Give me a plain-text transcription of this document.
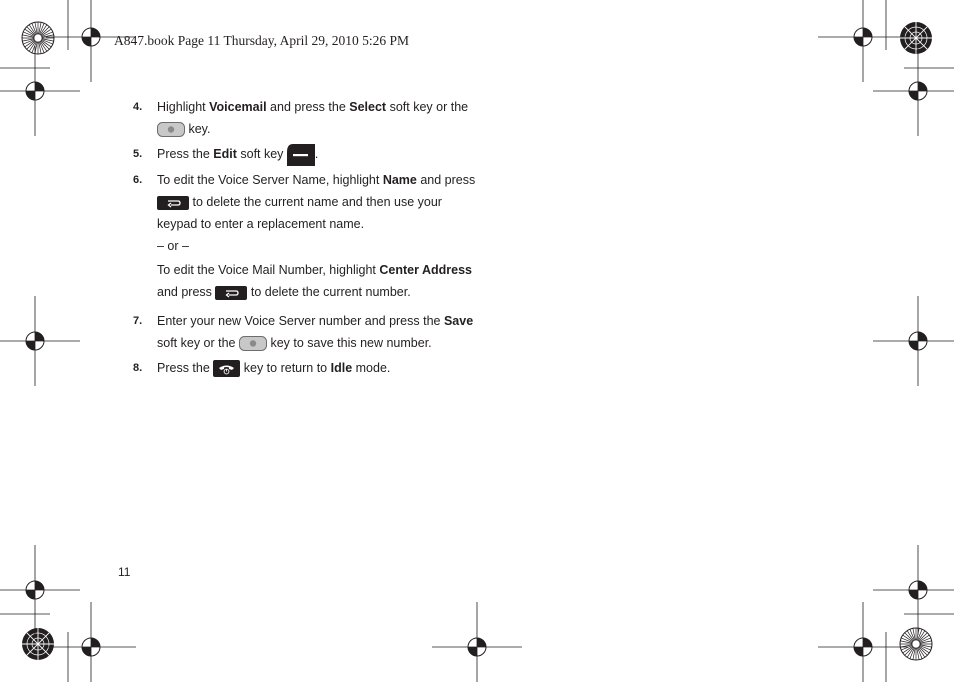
A847.book Page 11 Thursday, April 29, 2010 5:26 PM
4. Highlight Voicemail and press the Select soft key or the
key.
5. Press the Edit soft key .
6. To edit the Voice Server Name, highlight Name and press
to delete the current name and then use your
keypad to enter a replacement name.
– or –
To edit the Voice Mail Number, highlight Center Address
and press	to delete the current number.
7. Enter your new Voice Server number and press the Save
soft key or the  key to save this new number.
8. Press the  key to return to Idle mode.
11
